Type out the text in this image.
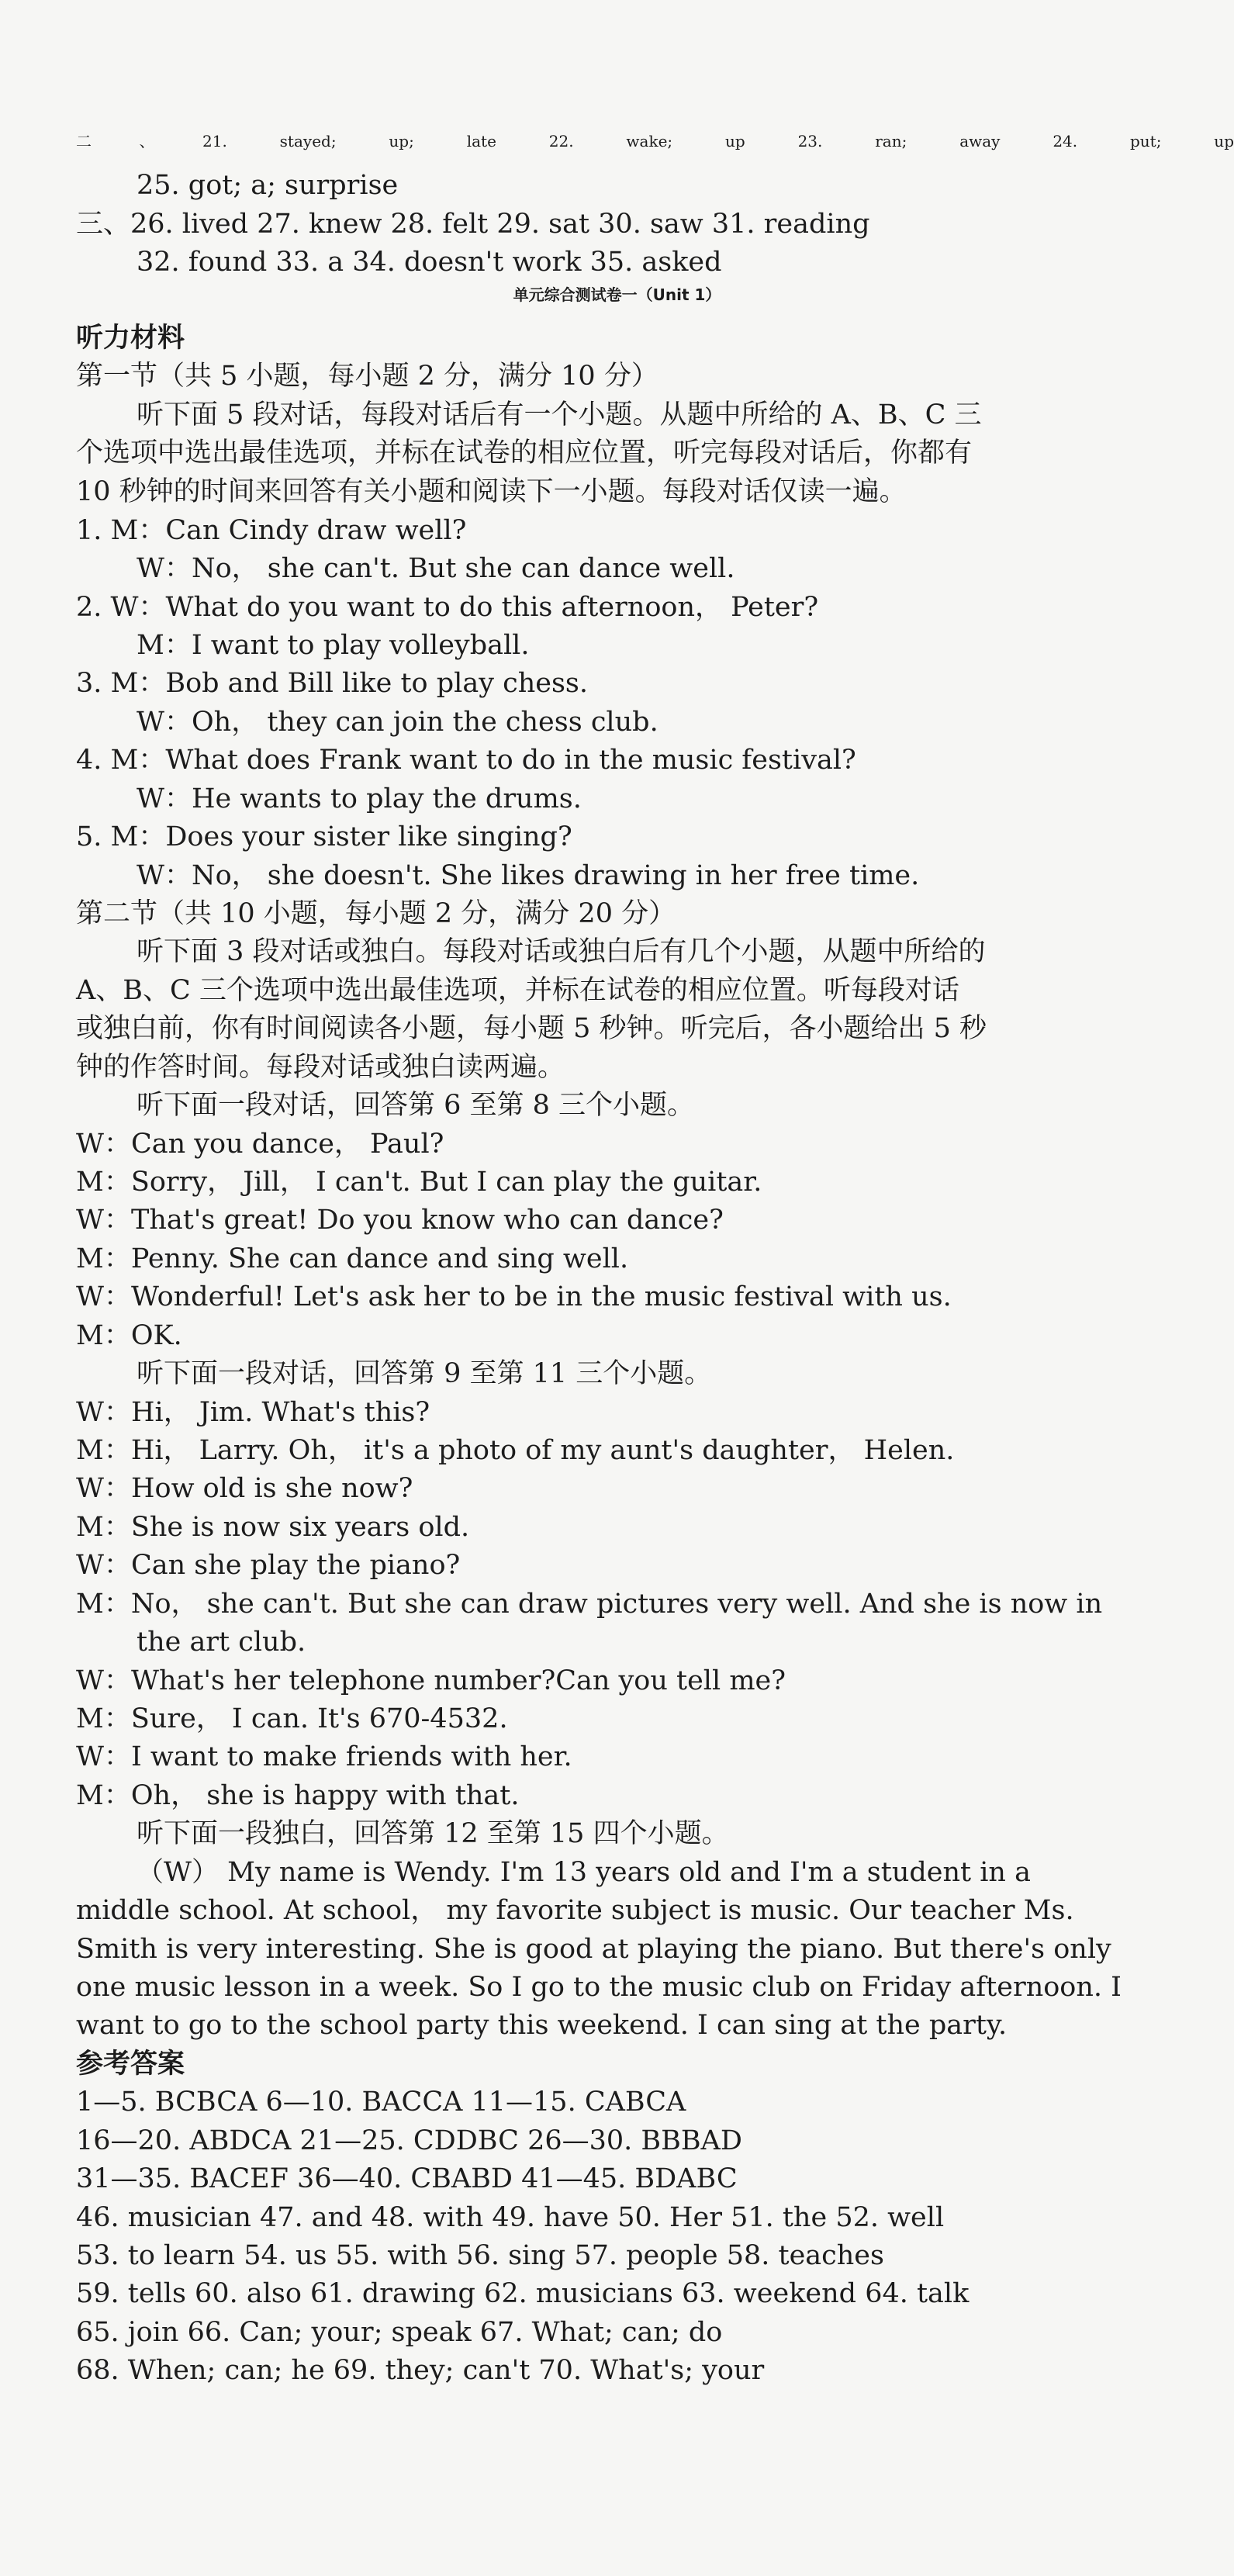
二、21. stayed; up; late 22. wake; up 23. ran; away 24. put; up
25. got; a; surprise
三、26. lived 27. knew 28. felt 29. sat 30. saw 31. reading
32. found 33. a 34. doesn't work 35. asked
单元综合测试卷一（Unit 1）
听力材料
第一节（共 5 小题，每小题 2 分，满分 10 分）
听下面 5 段对话，每段对话后有一个小题。从题中所给的 A、B、C 三
个选项中选出最佳选项，并标在试卷的相应位置，听完每段对话后，你都有
10 秒钟的时间来回答有关小题和阅读下一小题。每段对话仅读一遍。
1. M：Can Cindy draw well?
W：No， she can't. But she can dance well.
2. W：What do you want to do this afternoon， Peter?
M：I want to play volleyball.
3. M：Bob and Bill like to play chess.
W：Oh， they can join the chess club.
4. M：What does Frank want to do in the music festival?
W：He wants to play the drums.
5. M：Does your sister like singing?
W：No， she doesn't. She likes drawing in her free time.
第二节（共 10 小题，每小题 2 分，满分 20 分）
听下面 3 段对话或独白。每段对话或独白后有几个小题，从题中所给的
A、B、C 三个选项中选出最佳选项，并标在试卷的相应位置。听每段对话
或独白前，你有时间阅读各小题，每小题 5 秒钟。听完后，各小题给出 5 秒
钟的作答时间。每段对话或独白读两遍。
听下面一段对话，回答第 6 至第 8 三个小题。
W：Can you dance， Paul?
M：Sorry， Jill， I can't. But I can play the guitar.
W：That's great! Do you know who can dance?
M：Penny. She can dance and sing well.
W：Wonderful! Let's ask her to be in the music festival with us.
M：OK.
听下面一段对话，回答第 9 至第 11 三个小题。
W：Hi， Jim. What's this?
M：Hi， Larry. Oh， it's a photo of my aunt's daughter， Helen.
W：How old is she now?
M：She is now six years old.
W：Can she play the piano?
M：No， she can't. But she can draw pictures very well. And she is now in
the art club.
W：What's her telephone number?Can you tell me?
M：Sure， I can. It's 670-4532.
W：I want to make friends with her.
M：Oh， she is happy with that.
听下面一段独白，回答第 12 至第 15 四个小题。
（W） My name is Wendy. I'm 13 years old and I'm a student in a
middle school. At school， my favorite subject is music. Our teacher Ms.
Smith is very interesting. She is good at playing the piano. But there's only
one music lesson in a week. So I go to the music club on Friday afternoon. I
want to go to the school party this weekend. I can sing at the party.
参考答案
1—5. BCBCA 6—10. BACCA 11—15. CABCA
16—20. ABDCA 21—25. CDDBC 26—30. BBBAD
31—35. BACEF 36—40. CBABD 41—45. BDABC
46. musician 47. and 48. with 49. have 50. Her 51. the 52. well
53. to learn 54. us 55. with 56. sing 57. people 58. teaches
59. tells 60. also 61. drawing 62. musicians 63. weekend 64. talk
65. join 66. Can; your; speak 67. What; can; do
68. When; can; he 69. they; can't 70. What's; your
